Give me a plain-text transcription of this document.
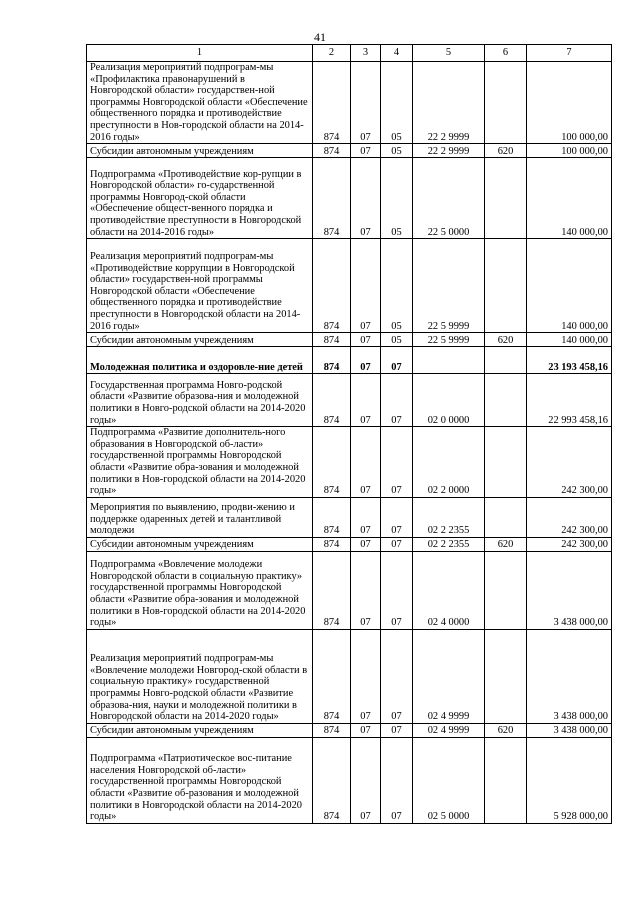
41
1	2	3	4	5	6	7
Реализация мероприятий подпрограм-мы «Профилактика правонарушений в Новгородской области» государствен-ной программы Новгородской области «Обеспечение общественного порядка и противодействие преступности в Нов-городской области на 2014-2016 годы»	874	07	05	22 2 9999		100 000,00
Субсидии автономным учреждениям	874	07	05	22 2 9999	620	100 000,00
Подпрограмма «Противодействие кор-рупции в Новгородской области» го-сударственной программы Новгород-ской области «Обеспечение общест-венного порядка и противодействие преступности в Новгородской области на 2014-2016 годы»	874	07	05	22 5 0000		140 000,00
Реализация мероприятий подпрограм-мы «Противодействие коррупции в Новгородской области» государствен-ной программы Новгородской области «Обеспечение общественного порядка и противодействие преступности в Новгородской области на 2014-2016 годы»	874	07	05	22 5 9999		140 000,00
Субсидии автономным учреждениям	874	07	05	22 5 9999	620	140 000,00
Молодежная политика и оздоровле-ние детей	874	07	07			23 193 458,16
Государственная программа Новго-родской области «Развитие образова-ния и молодежной политики в Новго-родской области на 2014-2020 годы»	874	07	07	02 0 0000		22 993 458,16
Подпрограмма «Развитие дополнитель-ного образования в Новгородской об-ласти» государственной программы Новгородской области «Развитие обра-зования и молодежной политики в Нов-городской области на 2014-2020 годы»	874	07	07	02 2 0000		242 300,00
Мероприятия по выявлению, продви-жению и поддержке одаренных детей и талантливой молодежи	874	07	07	02 2 2355		242 300,00
Субсидии автономным учреждениям	874	07	07	02 2 2355	620	242 300,00
Подпрограмма «Вовлечение молодежи Новгородской области в социальную практику» государственной программы Новгородской области «Развитие обра-зования и молодежной политики в Нов-городской области на 2014-2020 годы»	874	07	07	02 4 0000		3 438 000,00
Реализация мероприятий подпрограм-мы «Вовлечение молодежи Новгород-ской области в социальную практику» государственной программы Новго-родской области «Развитие образова-ния, науки и молодежной политики в Новгородской области на 2014-2020 годы»	874	07	07	02 4 9999		3 438 000,00
Субсидии автономным учреждениям	874	07	07	02 4 9999	620	3 438 000,00
Подпрограмма «Патриотическое вос-питание населения Новгородской об-ласти» государственной программы Новгородской области «Развитие об-разования и молодежной политики в Новгородской области на 2014-2020 годы»	874	07	07	02 5 0000		5 928 000,00
